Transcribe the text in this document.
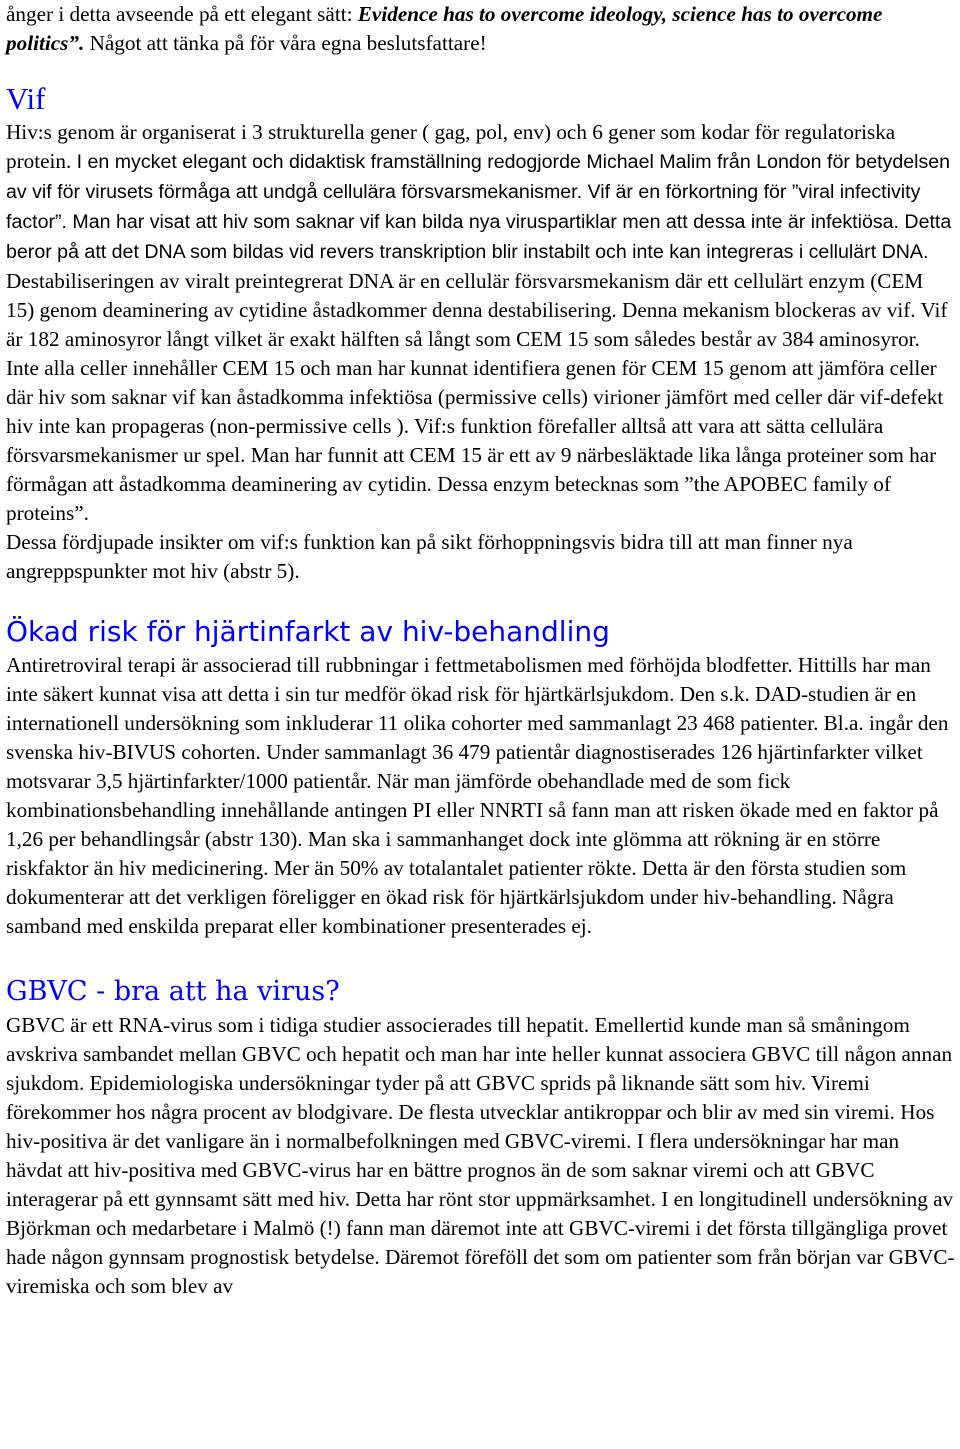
ånger i detta avseende på ett elegant sätt: Evidence has to overcome ideology, science has to overcome politics”. Något att tänka på för våra egna beslutsfattare!

Vif

Hiv:s genom är organiserat i 3 strukturella gener ( gag, pol, env) och 6 gener som kodar för regulatoriska protein. I en mycket elegant och didaktisk framställning redogjorde Michael Malim från London för betydelsen av vif för virusets förmåga att undgå cellulära försvarsmekanismer. Vif är en förkortning för ”viral infectivity factor”. Man har visat att hiv som saknar vif kan bilda nya viruspartiklar men att dessa inte är infektiösa. Detta beror på att det DNA som bildas vid revers transkription blir instabilt och inte kan integreras i cellulärt DNA. Destabiliseringen av viralt preintegrerat DNA är en cellulär försvarsmekanism där ett cellulärt enzym (CEM 15) genom deaminering av cytidine åstadkommer denna destabilisering. Denna mekanism blockeras av vif. Vif är 182 aminosyror långt vilket är exakt hälften så långt som CEM 15 som således består av 384 aminosyror. Inte alla celler innehåller CEM 15 och man har kunnat identifiera genen för CEM 15 genom att jämföra celler där hiv som saknar vif kan åstadkomma infektiösa (permissive cells) virioner jämfört med celler där vif-defekt hiv inte kan propageras (non-permissive cells ). Vif:s funktion förefaller alltså att vara att sätta cellulära försvarsmekanismer ur spel. Man har funnit att CEM 15 är ett av 9 närbesläktade lika långa proteiner som har förmågan att åstadkomma deaminering av cytidin. Dessa enzym betecknas som ”the APOBEC family of proteins”.

Dessa fördjupade insikter om vif:s funktion kan på sikt förhoppningsvis bidra till att man finner nya angreppspunkter mot hiv (abstr 5).

Ökad risk för hjärtinfarkt av hiv-behandling

Antiretroviral terapi är associerad till rubbningar i fettmetabolismen med förhöjda blodfetter. Hittills har man inte säkert kunnat visa att detta i sin tur medför ökad risk för hjärtkärlsjukdom. Den s.k. DAD-studien är en internationell undersökning som inkluderar 11 olika cohorter med sammanlagt 23 468 patienter. Bl.a. ingår den svenska hiv-BIVUS cohorten. Under sammanlagt 36 479 patientår diagnostiserades 126 hjärtinfarkter vilket motsvarar 3,5 hjärtinfarkter/1000 patientår. När man jämförde obehandlade med de som fick kombinationsbehandling innehållande antingen PI eller NNRTI så fann man att risken ökade med en faktor på 1,26 per behandlingsår (abstr 130). Man ska i sammanhanget dock inte glömma att rökning är en större riskfaktor än hiv medicinering. Mer än 50% av totalantalet patienter rökte. Detta är den första studien som dokumenterar att det verkligen föreligger en ökad risk för hjärtkärlsjukdom under hiv-behandling. Några samband med enskilda preparat eller kombinationer presenterades ej.

GBVC - bra att ha virus?

GBVC är ett RNA-virus som i tidiga studier associerades till hepatit. Emellertid kunde man så småningom avskriva sambandet mellan GBVC och hepatit och man har inte heller kunnat associera GBVC till någon annan sjukdom. Epidemiologiska undersökningar tyder på att GBVC sprids på liknande sätt som hiv. Viremi förekommer hos några procent av blodgivare. De flesta utvecklar antikroppar och blir av med sin viremi. Hos hiv-positiva är det vanligare än i normalbefolkningen med GBVC-viremi. I flera undersökningar har man hävdat att hiv-positiva med GBVC-virus har en bättre prognos än de som saknar viremi och att GBVC interagerar på ett gynnsamt sätt med hiv. Detta har rönt stor uppmärksamhet. I en longitudinell undersökning av Björkman och medarbetare i Malmö (!) fann man däremot inte att GBVC-viremi i det första tillgängliga provet hade någon gynnsam prognostisk betydelse. Däremot föreföll det som om patienter som från början var GBVC-viremiska och som blev av
